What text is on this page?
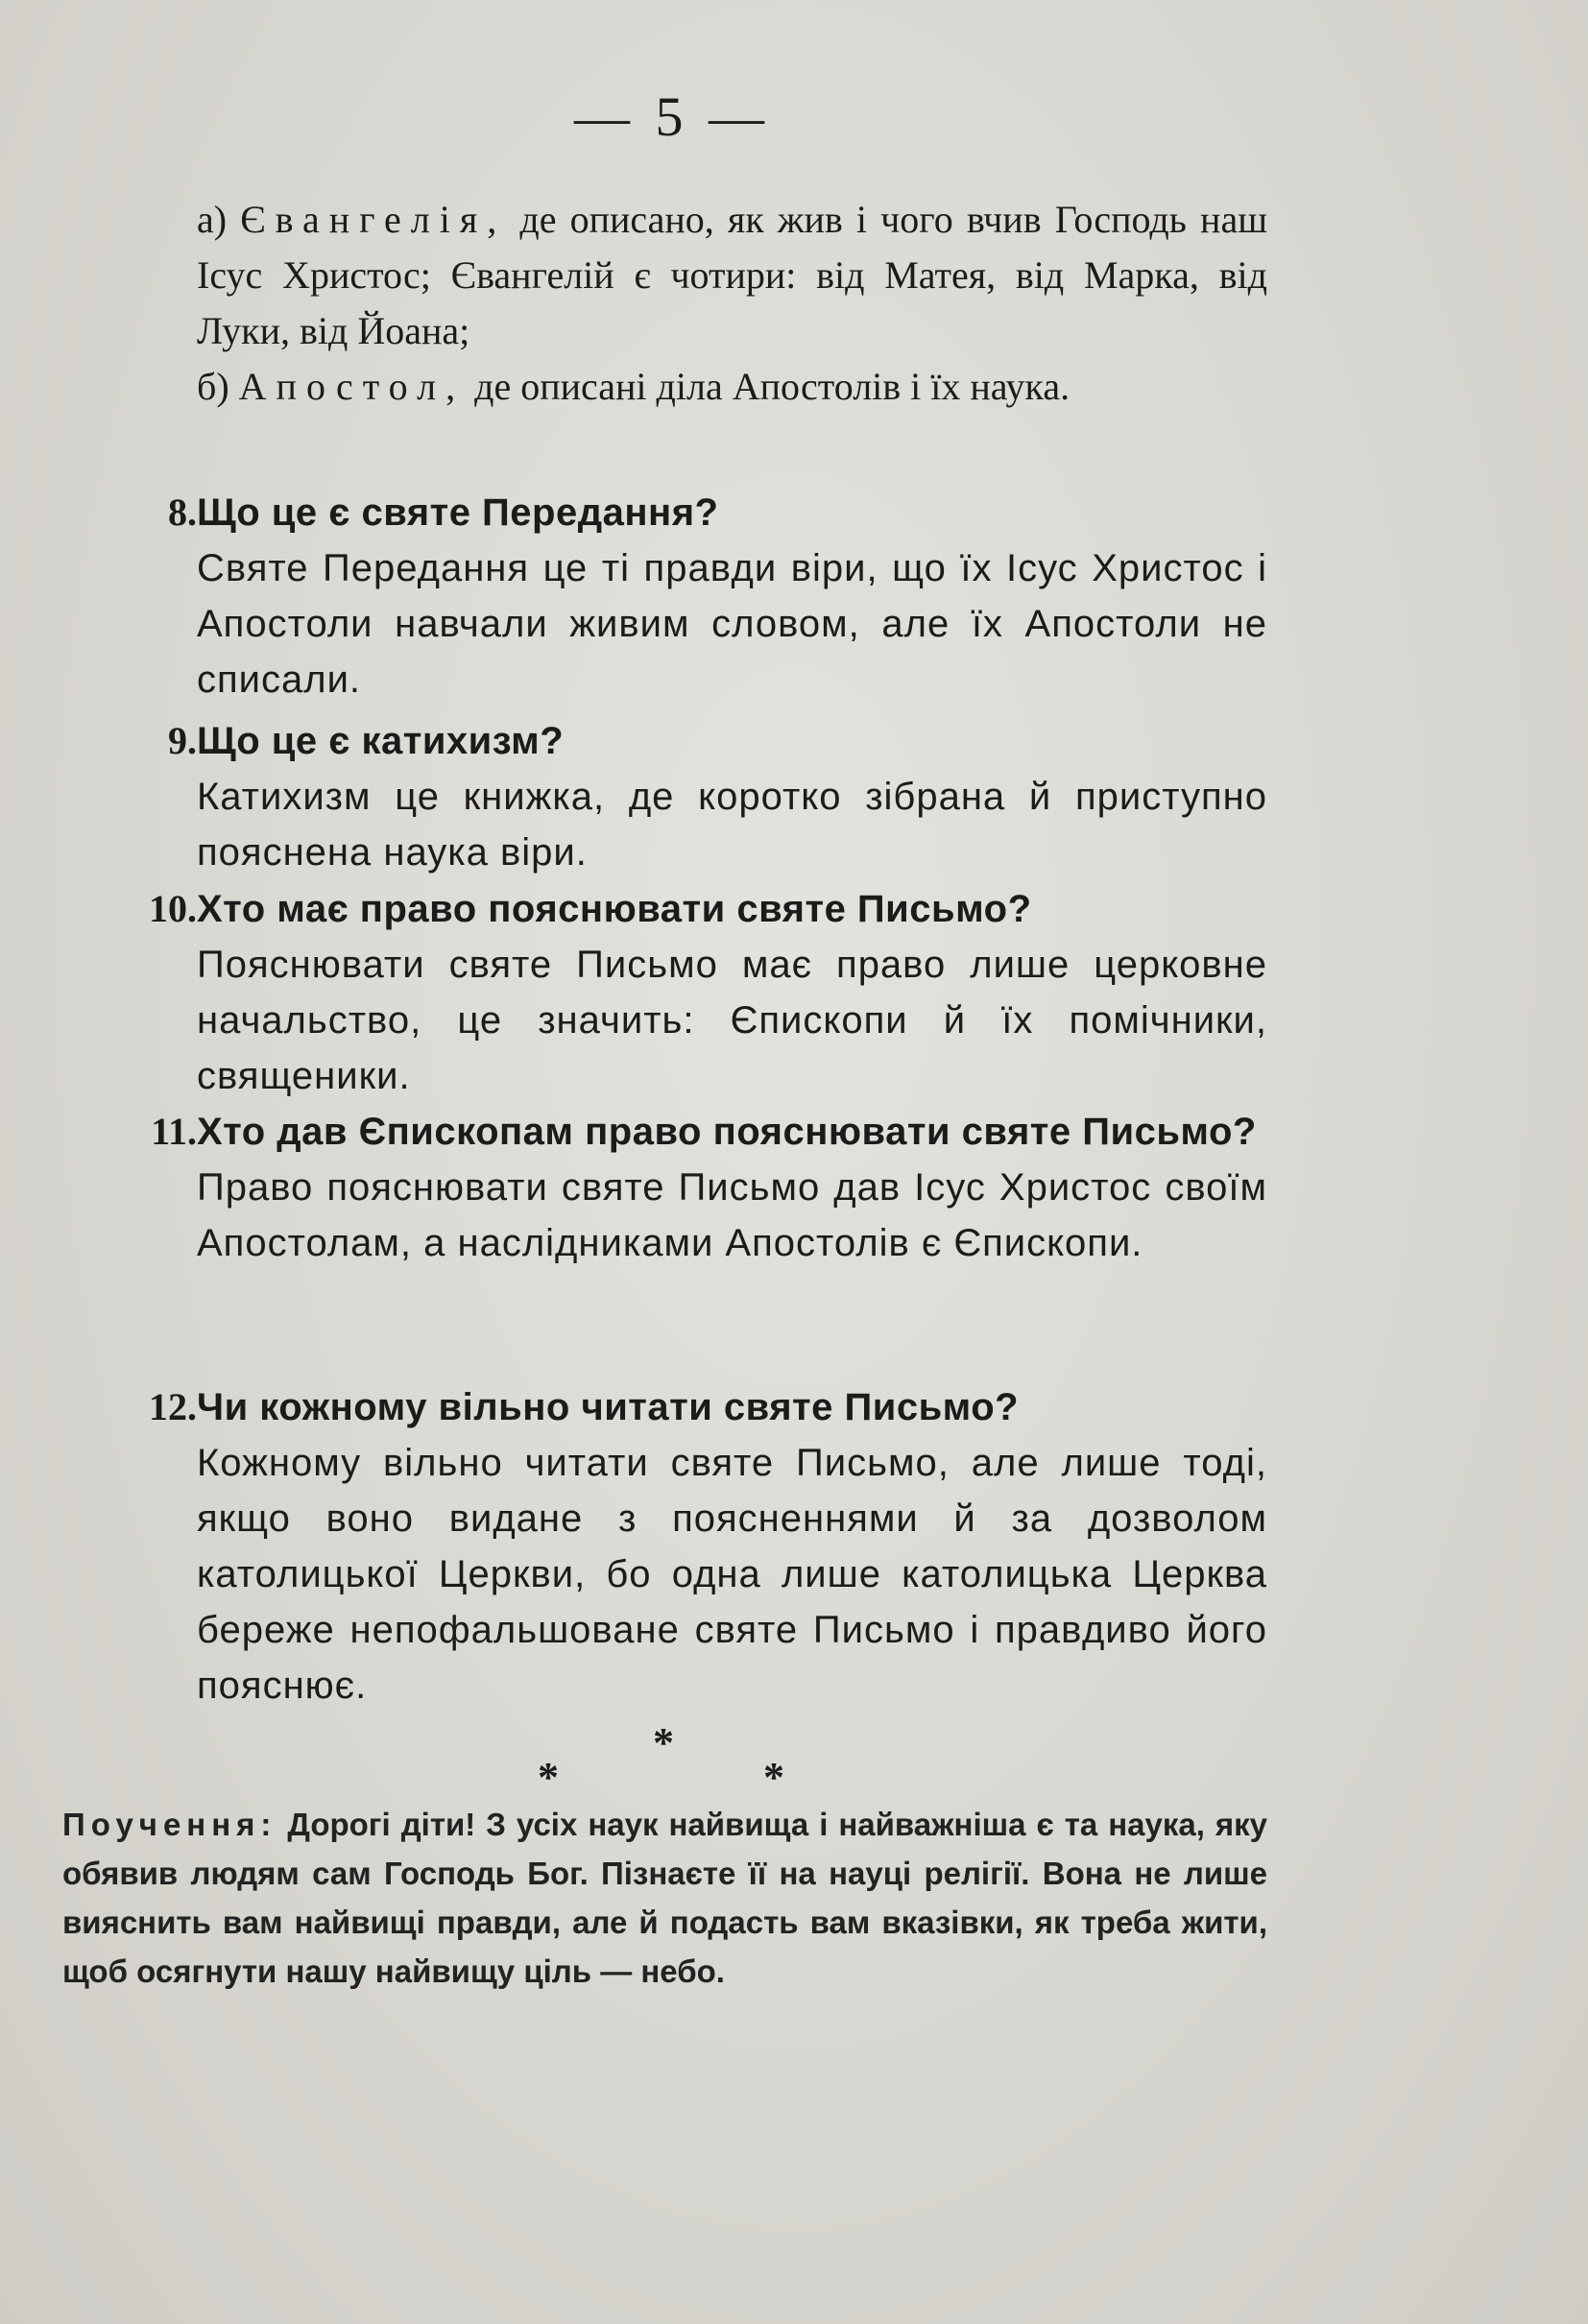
— 5 —

а) Євангелія, де описано, як жив і чого вчив Господь наш Ісус Христос; Євангелій є чотири: від Матея, від Марка, від Луки, від Йоана;

б) Апостол, де описані діла Апостолів і їх наука.

8. Що це є святе Передання?
Святе Передання це ті правди віри, що їх Ісус Христос і Апостоли навчали живим словом, але їх Апостоли не списали.
9. Що це є катихизм?
Катихизм це книжка, де коротко зібрана й приступно пояснена наука віри.
10. Хто має право пояснювати святе Письмо?
Пояснювати святе Письмо має право лише церковне начальство, це значить: Єпископи й їх помічники, священики.
11. Хто дав Єпископам право пояснювати святе Письмо?
Право пояснювати святе Письмо дав Ісус Христос своїм Апостолам, а наслідниками Апостолів є Єпископи.
12. Чи кожному вільно читати святе Письмо?
Кожному вільно читати святе Письмо, але лише тоді, якщо воно видане з поясненнями й за дозволом католицької Церкви, бо одна лише католицька Церква береже непофальшоване святе Письмо і правдиво його пояснює.
*
*	*
Поучення: Дорогі діти! З усіх наук найвища і найважніша є та наука, яку обявив людям сам Господь Бог. Пізнаєте її на науці релігії. Вона не лише вияснить вам найвищі правди, але й подасть вам вказівки, як треба жити, щоб осягнути нашу найвищу ціль — небо.
